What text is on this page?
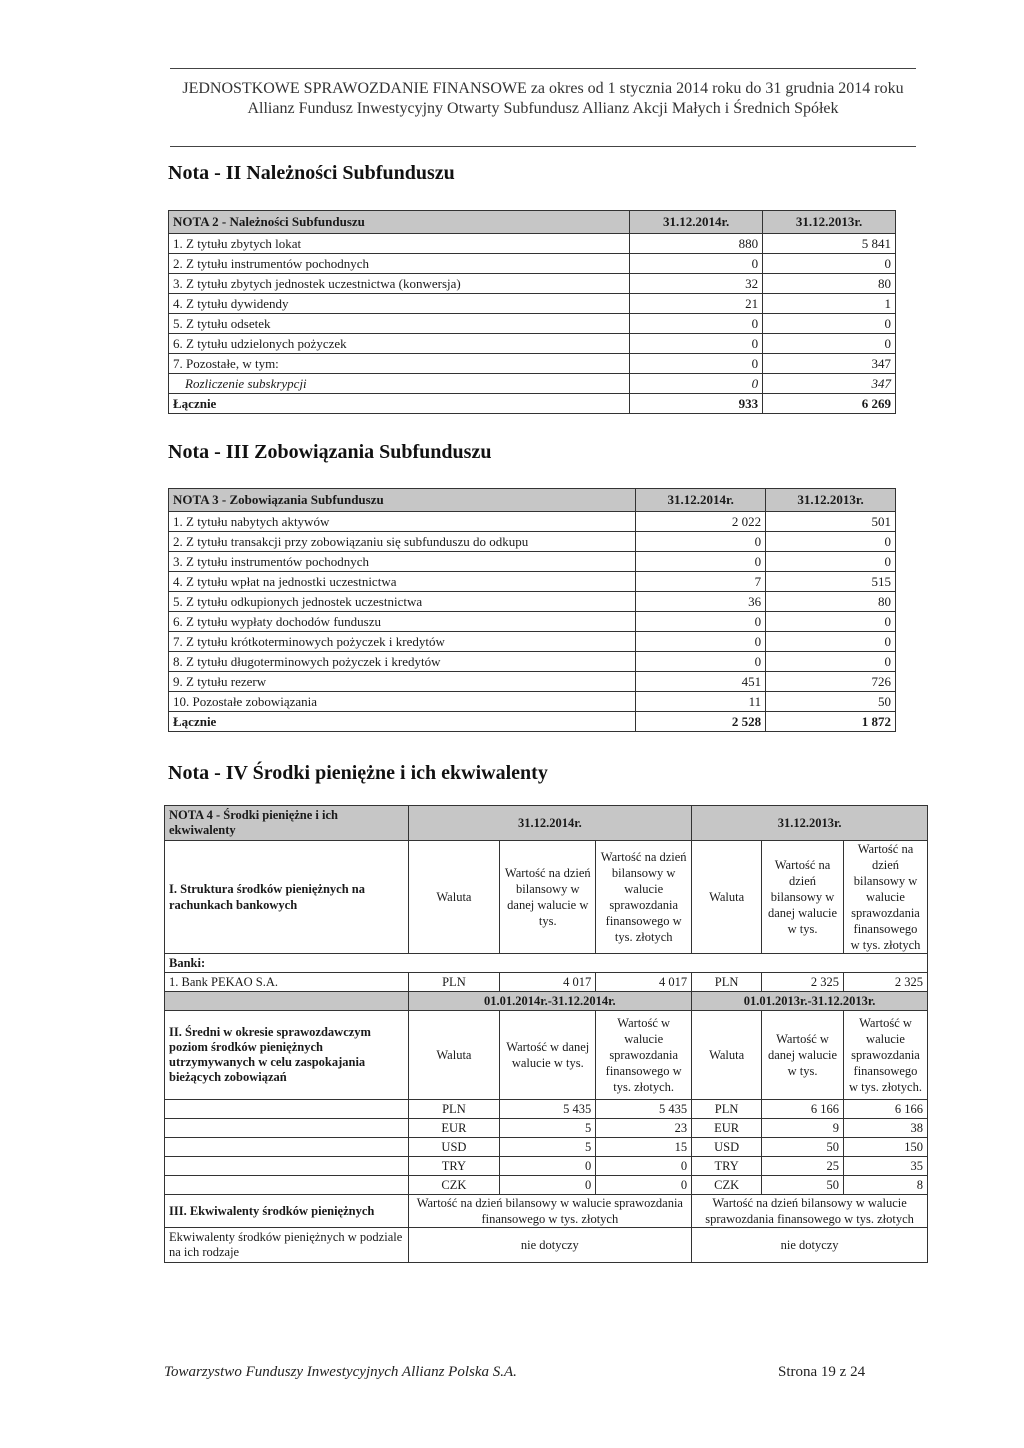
JEDNOSTKOWE SPRAWOZDANIE FINANSOWE za okres od 1 stycznia 2014 roku do 31 grudnia 2014 roku
Allianz Fundusz Inwestycyjny Otwarty Subfundusz Allianz Akcji Małych i Średnich Spółek
Nota - II Należności Subfunduszu
NOTA 2 - Należności Subfunduszu	31.12.2014r.	31.12.2013r.
1. Z tytułu zbytych lokat	880	5 841
2. Z tytułu instrumentów pochodnych	0	0
3. Z tytułu zbytych jednostek uczestnictwa (konwersja)	32	80
4. Z tytułu dywidendy	21	1
5. Z tytułu odsetek	0	0
6. Z tytułu udzielonych pożyczek	0	0
7. Pozostałe, w tym:	0	347
Rozliczenie subskrypcji	0	347
Łącznie	933	6 269
Nota - III Zobowiązania Subfunduszu
NOTA 3 - Zobowiązania Subfunduszu	31.12.2014r.	31.12.2013r.
1. Z tytułu nabytych aktywów	2 022	501
2. Z tytułu transakcji przy zobowiązaniu się subfunduszu do odkupu	0	0
3. Z tytułu instrumentów pochodnych	0	0
4. Z tytułu wpłat na jednostki uczestnictwa	7	515
5. Z tytułu odkupionych jednostek uczestnictwa	36	80
6. Z tytułu wypłaty dochodów funduszu	0	0
7. Z tytułu krótkoterminowych pożyczek i kredytów	0	0
8. Z tytułu długoterminowych pożyczek i kredytów	0	0
9. Z tytułu rezerw	451	726
10. Pozostałe zobowiązania	11	50
Łącznie	2 528	1 872
Nota - IV Środki pieniężne i ich ekwiwalenty
NOTA 4 - Środki pieniężne i ich ekwiwalenty	31.12.2014r.			31.12.2013r.		
I. Struktura środków pieniężnych na rachunkach bankowych	Waluta	Wartość na dzień bilansowy w danej walucie w tys.	Wartość na dzień bilansowy w walucie sprawozdania finansowego w tys. złotych	Waluta	Wartość na dzień bilansowy w danej walucie w tys.	Wartość na dzień bilansowy w walucie sprawozdania finansowego w tys. złotych
Banki:						
1. Bank PEKAO S.A.	PLN	4 017	4 017	PLN	2 325	2 325
	01.01.2014r.-31.12.2014r.			01.01.2013r.-31.12.2013r.		
II. Średni w okresie sprawozdawczym poziom środków pieniężnych utrzymywanych w celu zaspokajania bieżących zobowiązań	Waluta	Wartość w danej walucie w tys.	Wartość w walucie sprawozdania finansowego w tys. złotych.	Waluta	Wartość w danej walucie w tys.	Wartość w walucie sprawozdania finansowego w tys. złotych.
	PLN	5 435	5 435	PLN	6 166	6 166
	EUR	5	23	EUR	9	38
	USD	5	15	USD	50	150
	TRY	0	0	TRY	25	35
	CZK	0	0	CZK	50	8
III. Ekwiwalenty środków pieniężnych	Wartość na dzień bilansowy w walucie sprawozdania finansowego w tys. złotych			Wartość na dzień bilansowy w walucie sprawozdania finansowego w tys. złotych		
Ekwiwalenty środków pieniężnych w podziale na ich rodzaje	nie dotyczy			nie dotyczy		
Towarzystwo Funduszy Inwestycyjnych Allianz Polska S.A.	Strona 19 z 24
